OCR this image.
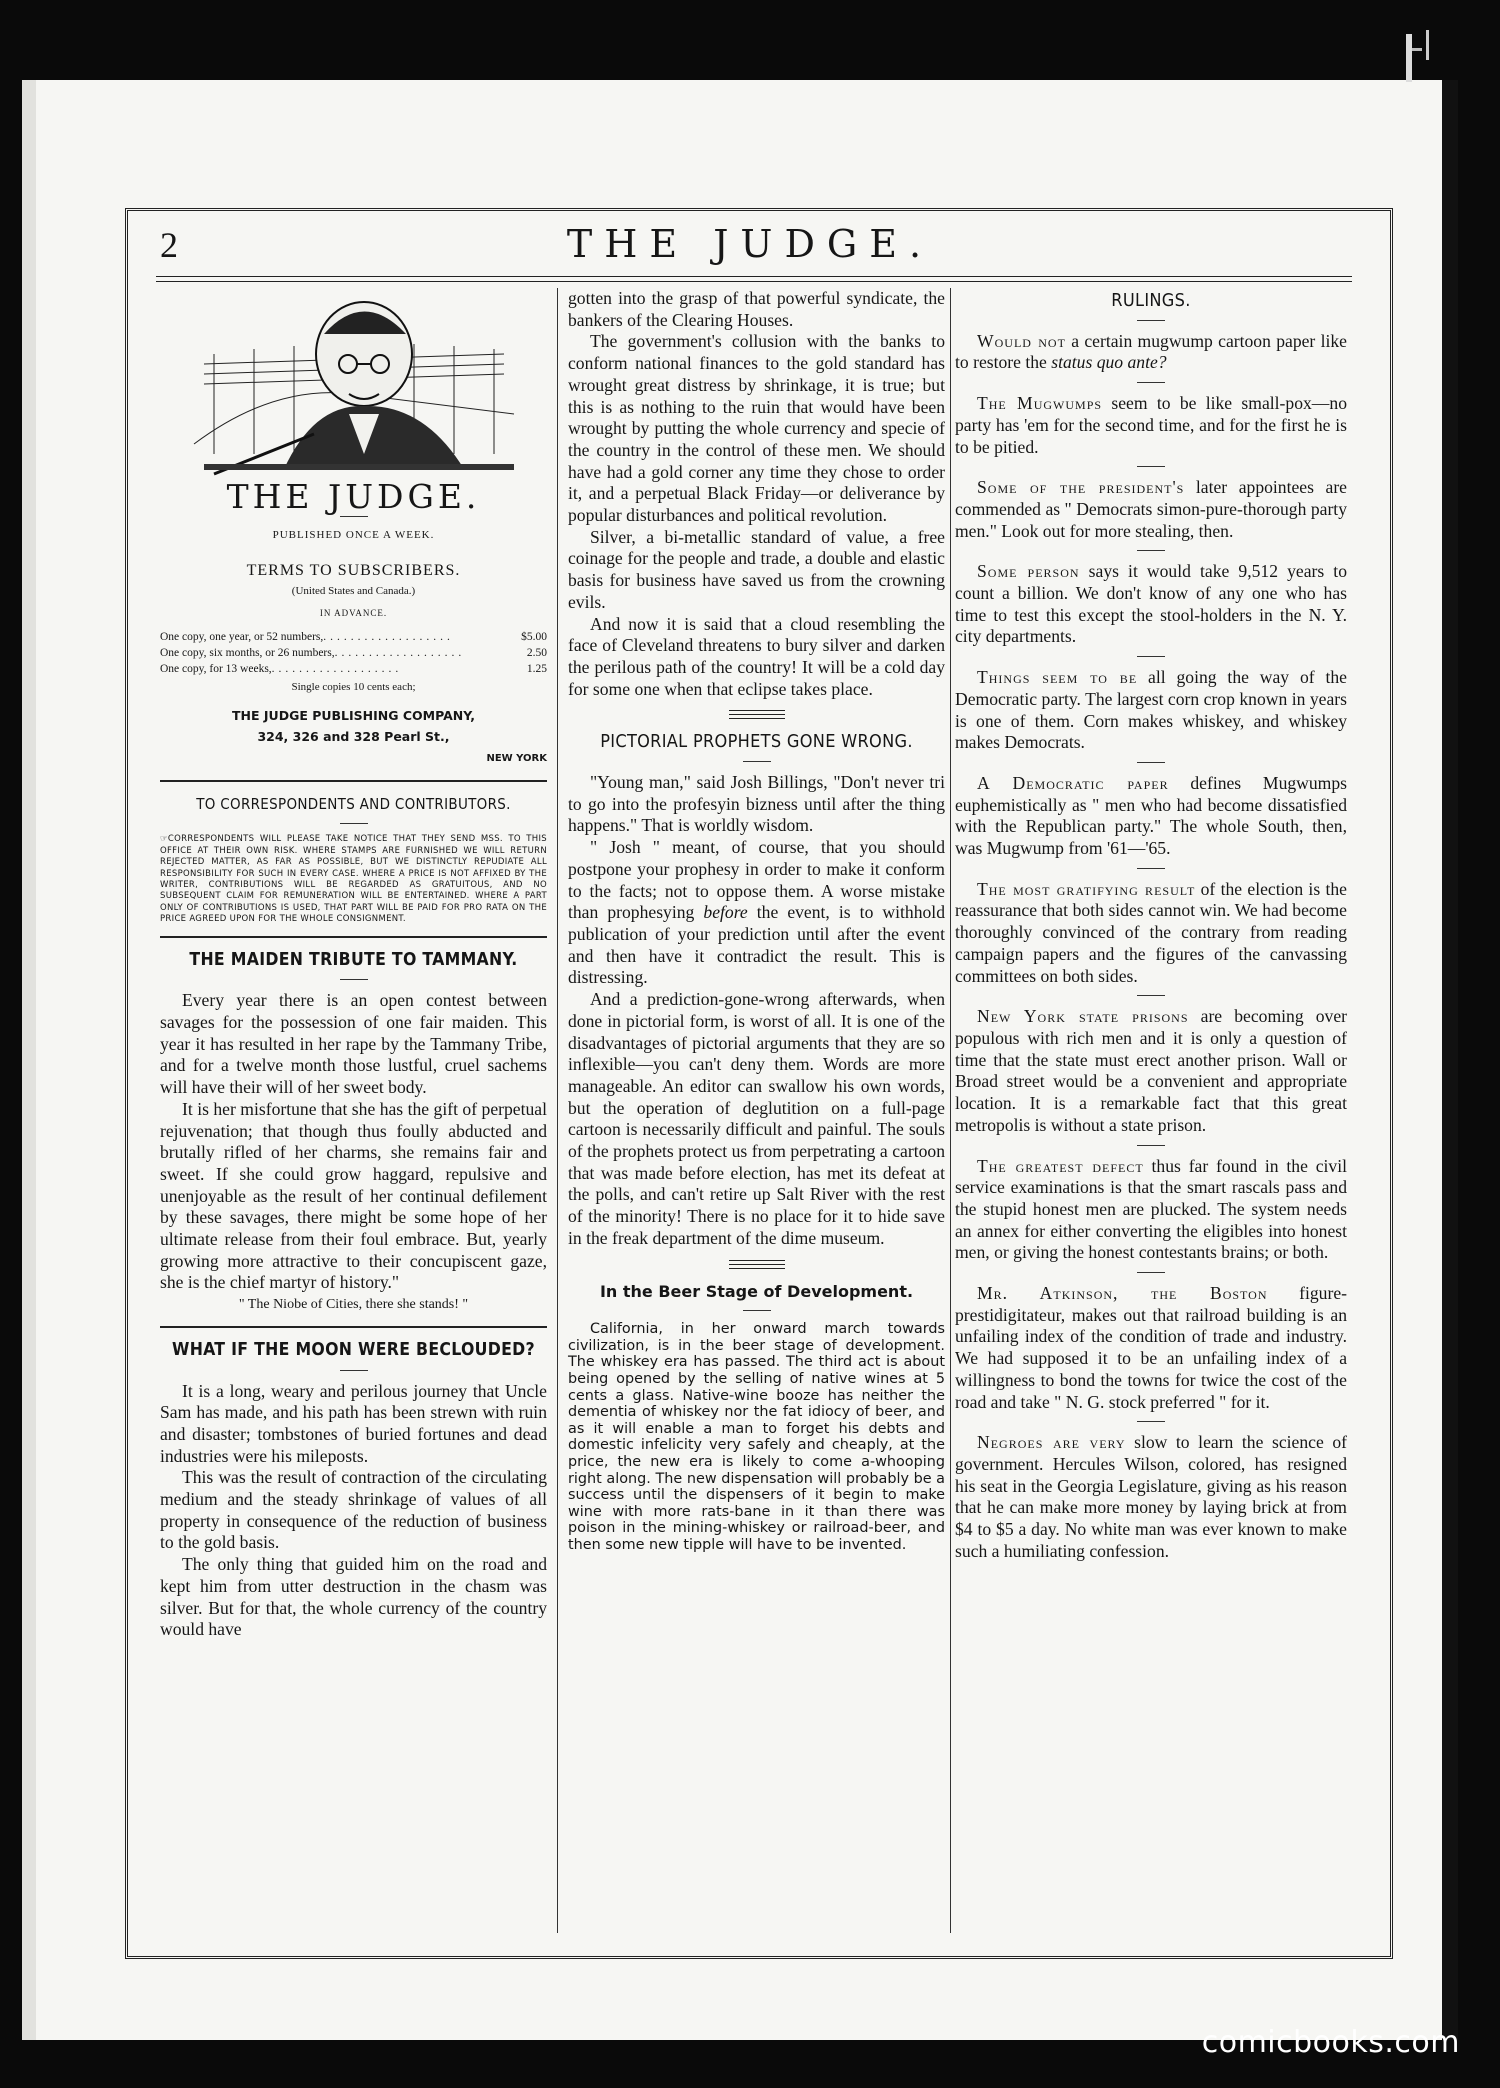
2	THE JUDGE.
THE JUDGE.
PUBLISHED ONCE A WEEK.
TERMS TO SUBSCRIBERS.
(United States and Canada.)
IN ADVANCE.
One copy, one year, or 52 numbers, ...................	$5.00
One copy, six months, or 26 numbers, ...................	2.50
One copy, for 13 weeks, ...................	1.25
Single copies 10 cents each;
THE JUDGE PUBLISHING COMPANY,
324, 326 and 328 Pearl St.,
NEW YORK
TO CORRESPONDENTS AND CONTRIBUTORS.
☞CORRESPONDENTS WILL PLEASE TAKE NOTICE THAT THEY SEND MSS. TO THIS OFFICE AT THEIR OWN RISK. WHERE STAMPS ARE FURNISHED WE WILL RETURN REJECTED MATTER, AS FAR AS POSSIBLE, BUT WE DISTINCTLY REPUDIATE ALL RESPONSIBILITY FOR SUCH IN EVERY CASE. WHERE A PRICE IS NOT AFFIXED BY THE WRITER, CONTRIBUTIONS WILL BE REGARDED AS GRATUITOUS, AND NO SUBSEQUENT CLAIM FOR REMUNERATION WILL BE ENTERTAINED. WHERE A PART ONLY OF CONTRIBUTIONS IS USED, THAT PART WILL BE PAID FOR PRO RATA ON THE PRICE AGREED UPON FOR THE WHOLE CONSIGNMENT.
THE MAIDEN TRIBUTE TO TAMMANY.

Every year there is an open contest between savages for the possession of one fair maiden. This year it has resulted in her rape by the Tammany Tribe, and for a twelve month those lustful, cruel sachems will have their will of her sweet body.

It is her misfortune that she has the gift of perpetual rejuvenation; that though thus foully abducted and brutally rifled of her charms, she remains fair and sweet. If she could grow haggard, repulsive and unenjoyable as the result of her continual defilement by these savages, there might be some hope of her ultimate release from their foul embrace. But, yearly growing more attractive to their concupiscent gaze, she is the chief martyr of history."

" The Niobe of Cities, there she stands! "

WHAT IF THE MOON WERE BECLOUDED?

It is a long, weary and perilous journey that Uncle Sam has made, and his path has been strewn with ruin and disaster; tombstones of buried fortunes and dead industries were his mileposts.

This was the result of contraction of the circulating medium and the steady shrinkage of values of all property in consequence of the reduction of business to the gold basis.

The only thing that guided him on the road and kept him from utter destruction in the chasm was silver. But for that, the whole currency of the country would have

gotten into the grasp of that powerful syndicate, the bankers of the Clearing Houses.

The government's collusion with the banks to conform national finances to the gold standard has wrought great distress by shrinkage, it is true; but this is as nothing to the ruin that would have been wrought by putting the whole currency and specie of the country in the control of these men. We should have had a gold corner any time they chose to order it, and a perpetual Black Friday—or deliverance by popular disturbances and political revolution.

Silver, a bi-metallic standard of value, a free coinage for the people and trade, a double and elastic basis for business have saved us from the crowning evils.

And now it is said that a cloud resembling the face of Cleveland threatens to bury silver and darken the perilous path of the country! It will be a cold day for some one when that eclipse takes place.

PICTORIAL PROPHETS GONE WRONG.

"Young man," said Josh Billings, "Don't never tri to go into the profesyin bizness until after the thing happens." That is worldly wisdom.

" Josh " meant, of course, that you should postpone your prophesy in order to make it conform to the facts; not to oppose them. A worse mistake than prophesying before the event, is to withhold publication of your prediction until after the event and then have it contradict the result. This is distressing.

And a prediction-gone-wrong afterwards, when done in pictorial form, is worst of all. It is one of the disadvantages of pictorial arguments that they are so inflexible—you can't deny them. Words are more manageable. An editor can swallow his own words, but the operation of deglutition on a full-page cartoon is necessarily difficult and painful. The souls of the prophets protect us from perpetrating a cartoon that was made before election, has met its defeat at the polls, and can't retire up Salt River with the rest of the minority! There is no place for it to hide save in the freak department of the dime museum.

In the Beer Stage of Development.

California, in her onward march towards civilization, is in the beer stage of development. The whiskey era has passed. The third act is about being opened by the selling of native wines at 5 cents a glass. Native-wine booze has neither the dementia of whiskey nor the fat idiocy of beer, and as it will enable a man to forget his debts and domestic infelicity very safely and cheaply, at the price, the new era is likely to come a-whooping right along. The new dispensation will probably be a success until the dispensers of it begin to make wine with more rats-bane in it than there was poison in the mining-whiskey or railroad-beer, and then some new tipple will have to be invented.

RULINGS.

Would not a certain mugwump cartoon paper like to restore the status quo ante?

The Mugwumps seem to be like small-pox—no party has 'em for the second time, and for the first he is to be pitied.

Some of the president's later appointees are commended as " Democrats simon-pure-thorough party men." Look out for more stealing, then.

Some person says it would take 9,512 years to count a billion. We don't know of any one who has time to test this except the stool-holders in the N. Y. city departments.

Things seem to be all going the way of the Democratic party. The largest corn crop known in years is one of them. Corn makes whiskey, and whiskey makes Democrats.

A Democratic paper defines Mugwumps euphemistically as " men who had become dissatisfied with the Republican party." The whole South, then, was Mugwump from '61—'65.

The most gratifying result of the election is the reassurance that both sides cannot win. We had become thoroughly convinced of the contrary from reading campaign papers and the figures of the canvassing committees on both sides.

New York state prisons are becoming over populous with rich men and it is only a question of time that the state must erect another prison. Wall or Broad street would be a convenient and appropriate location. It is a remarkable fact that this great metropolis is without a state prison.

The greatest defect thus far found in the civil service examinations is that the smart rascals pass and the stupid honest men are plucked. The system needs an annex for either converting the eligibles into honest men, or giving the honest contestants brains; or both.

Mr. Atkinson, the Boston figure-prestidigitateur, makes out that railroad building is an unfailing index of the condition of trade and industry. We had supposed it to be an unfailing index of a willingness to bond the towns for twice the cost of the road and take " N. G. stock preferred " for it.

Negroes are very slow to learn the science of government. Hercules Wilson, colored, has resigned his seat in the Georgia Legislature, giving as his reason that he can make more money by laying brick at from $4 to $5 a day. No white man was ever known to make such a humiliating confession.

comicbooks.com
